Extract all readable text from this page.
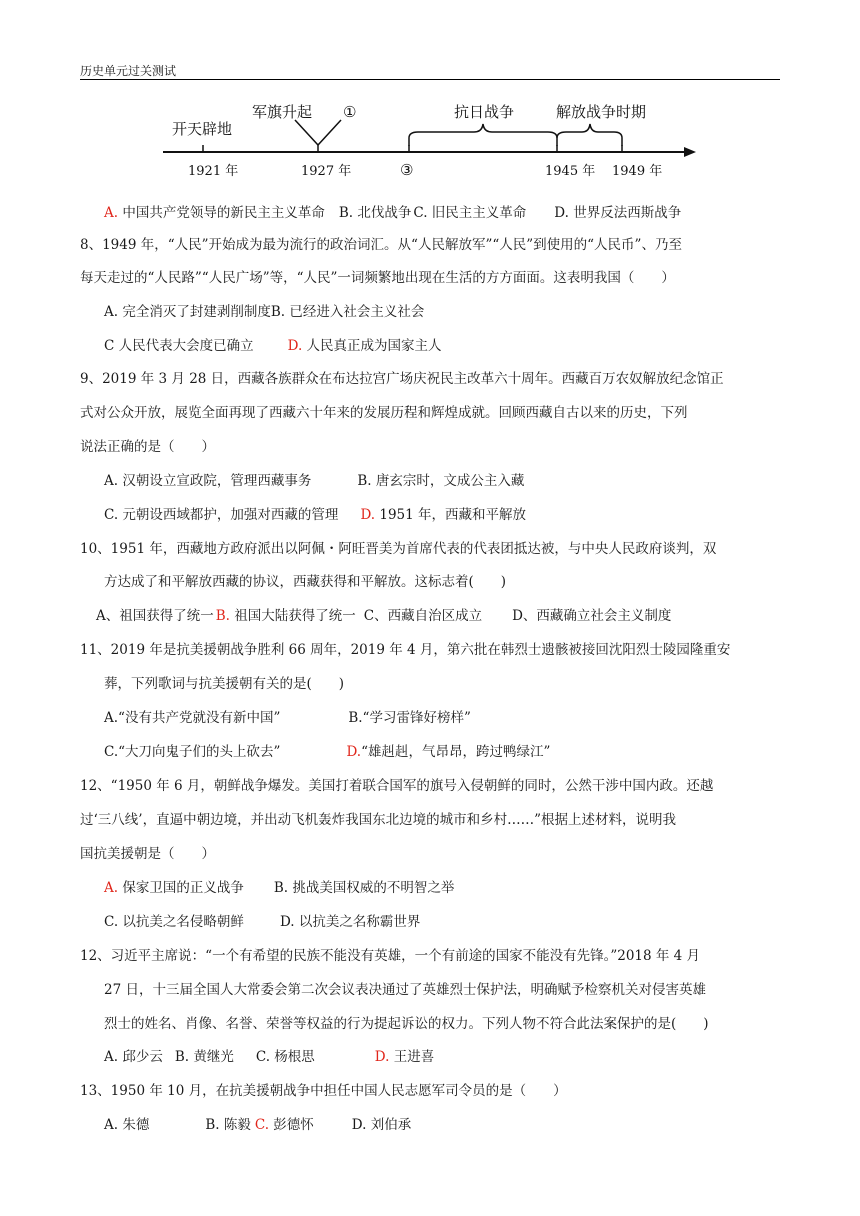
历史单元过关测试
开天辟地
军旗升起 ①	抗日战争	解放战争时期
③
1921 年	1927 年	1945 年 1949 年
A. 中国共产党领导的新民主主义革命 B. 北伐战争 C. 旧民主主义革命 D. 世界反法西斯战争
8、1949 年，“人民”开始成为最为流行的政治词汇。从“人民解放军”“人民”到使用的“人民币”、乃至
每天走过的“人民路”“人民广场”等，“人民”一词频繁地出现在生活的方方面面。这表明我国（　　）
A. 完全消灭了封建剥削制度B. 已经进入社会主义社会
C 人民代表大会度已确立	D. 人民真正成为国家主人
9、2019 年 3 月 28 日，西藏各族群众在布达拉宫广场庆祝民主改革六十周年。西藏百万农奴解放纪念馆正
式对公众开放，展览全面再现了西藏六十年来的发展历程和辉煌成就。回顾西藏自古以来的历史，下列
说法正确的是（　　）
A. 汉朝设立宣政院，管理西藏事务	B. 唐玄宗时，文成公主入藏
C. 元朝设西域都护，加强对西藏的管理 D. 1951 年，西藏和平解放
10、1951 年，西藏地方政府派出以阿佩・阿旺晋美为首席代表的代表团抵达被，与中央人民政府谈判，双
方达成了和平解放西藏的协议，西藏获得和平解放。这标志着(　　)
A、祖国获得了统一 B. 祖国大陆获得了统一 C、西藏自治区成立 D、西藏确立社会主义制度
11、2019 年是抗美援朝战争胜利 66 周年，2019 年 4 月，第六批在韩烈士遗骸被接回沈阳烈士陵园隆重安
葬，下列歌词与抗美援朝有关的是(　　)
A.“没有共产党就没有新中国”	B.“学习雷锋好榜样”
C.“大刀向鬼子们的头上砍去”	D.“雄赳赳，气昂昂，跨过鸭绿江”
12、“1950 年 6 月，朝鲜战争爆发。美国打着联合国军的旗号入侵朝鲜的同时，公然干涉中国内政。还越
过‘三八线’，直逼中朝边境，并出动飞机轰炸我国东北边境的城市和乡村……”根据上述材料，说明我
国抗美援朝是（　　）
A. 保家卫国的正义战争 B. 挑战美国权威的不明智之举
C. 以抗美之名侵略朝鲜	D. 以抗美之名称霸世界
12、习近平主席说：“一个有希望的民族不能没有英雄，一个有前途的国家不能没有先锋。”2018 年 4 月
27 日，十三届全国人大常委会第二次会议表决通过了英雄烈士保护法，明确赋予检察机关对侵害英雄
烈士的姓名、肖像、名誉、荣誉等权益的行为提起诉讼的权力。下列人物不符合此法案保护的是(　　)
A. 邱少云 B. 黄继光 C. 杨根思	D. 王进喜
13、1950 年 10 月，在抗美援朝战争中担任中国人民志愿军司令员的是（　　）
A. 朱德	B. 陈毅 C. 彭德怀	D. 刘伯承
